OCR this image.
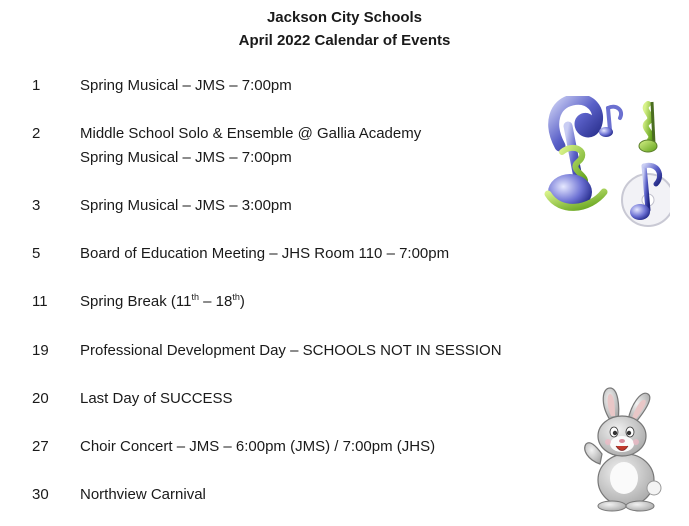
Jackson City Schools
April 2022 Calendar of Events
1	Spring Musical – JMS – 7:00pm
2	Middle School Solo & Ensemble @ Gallia Academy
Spring Musical – JMS – 7:00pm
3	Spring Musical – JMS – 3:00pm
5	Board of Education Meeting – JHS Room 110 – 7:00pm
11	Spring Break (11th – 18th)
19	Professional Development Day – SCHOOLS NOT IN SESSION
20	Last Day of SUCCESS
27	Choir Concert – JMS – 6:00pm (JMS) / 7:00pm (JHS)
30	Northview Carnival
